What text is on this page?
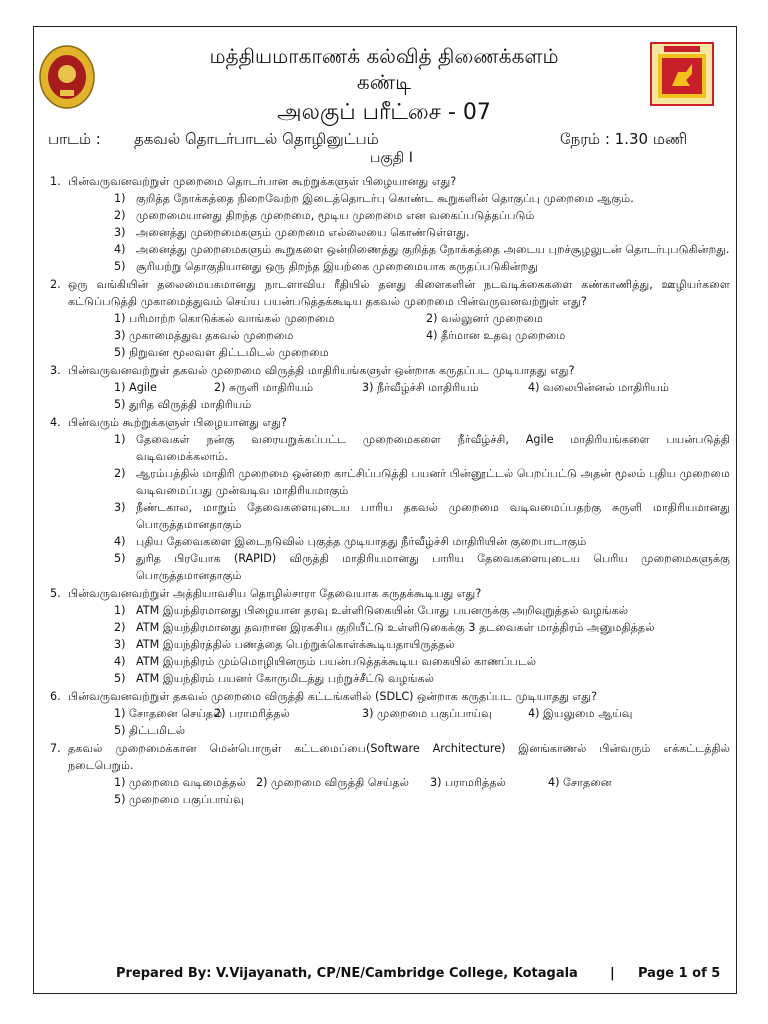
மத்தியமாகாணக் கல்வித் திணைக்களம்
கண்டி
அலகுப் பரீட்சை - 07
பாடம் : தகவல் தொடர்பாடல் தொழினுட்பம்	நேரம் : 1.30 மணி
பகுதி I
1. பின்வருவனவற்றுள் முறைமை தொடர்பான கூற்றுக்களுள் பிழையானது எது?
1) குறித்த நோக்கத்தை நிறைவேற்ற இடைத்தொடர்பு கொண்ட கூறுகளின் தொகுப்பு முறைமை ஆகும்.
2) முறைமையானது திறந்த முறைமை, மூடிய முறைமை என வகைப்படுத்தப்படும்
3) அனைத்து முறைமைகளும் முறைமை எல்லையை கொண்டுள்ளது.
4) அனைத்து முறைமைகளும் கூறுகளை ஒன்றிணைத்து குறித்த நோக்கத்தை அடைய புறச்சூழலுடன் தொடர்புபடுகின்றது.
5) சூரியற்று தொகுதியானது ஒரு திறந்த இயற்கை முறைமையாக கருதப்படுகின்றது
2. ஒரு வங்கியின் தலைமையகமானது நாடளாவிய ரீதியில் தனது கிளைகளின் நடவடிக்கைகளை கண்காணித்து, ஊழியர்களை கட்டுப்படுத்தி முகாமைத்துவம் செய்ய பயன்படுத்தக்கூடிய தகவல் முறைமை பின்வருவனவற்றுள் எது?
1) பரிமாற்ற கொடுக்கல் வாங்கல் முறைமை	2) வல்லுனர் முறைமை
3) முகாமைத்துவ தகவல் முறைமை	4) தீர்மான உதவு முறைமை
5) நிறுவன மூலவள திட்டமிடல் முறைமை
3. பின்வருவனவற்றுள் தகவல் முறைமை விருத்தி மாதிரியங்களுள் ஒன்றாக கருதப்பட முடியாதது எது?
1) Agile	2) சுருளி மாதிரியம்	3) நீர்வீழ்ச்சி மாதிரியம்	4) வலைபின்னல் மாதிரியம்
5) துரித விருத்தி மாதிரியம்
4. பின்வரும் கூற்றுக்களுள் பிழையானது எது?
1) தேவைகள் நன்கு வரையறுக்கப்பட்ட முறைமைகளை நீர்வீழ்ச்சி, Agile மாதிரியங்களை பயன்படுத்தி வடிவமைக்கலாம்.
2) ஆரம்பத்தில் மாதிரி முறைமை ஒன்றை காட்சிப்படுத்தி பயனர் பின்னூட்டல் பெறப்பட்டு அதன் மூலம் புதிய முறைமை வடிவமைப்பது முன்வடிவ மாதிரியமாகும்
3) நீண்டகால, மாறும் தேவைகளையுடைய பாரிய தகவல் முறைமை வடிவமைப்பதற்கு சுருளி மாதிரியமானது பொருத்தமானதாகும்
4) புதிய தேவைகளை இடைநடுவில் புகுத்த முடியாதது நீர்வீழ்ச்சி மாதிரியின் குறைபாடாகும்
5) துரித பிரயோக (RAPID) விருத்தி மாதிரியமானது பாரிய தேவைகளையுடைய பெரிய முறைமைகளுக்கு பொருத்தமானதாகும்
5. பின்வருவனவற்றுள் அத்தியாவசிய தொழில்சாரா தேவையாக கருதக்கூடியது எது?
1) ATM இயந்திரமானது பிழையான தரவு உள்ளிடுகையின் போது பயனருக்கு அறிவுறுத்தல் வழங்கல்
2) ATM இயந்திரமானது தவறான இரகசிய குறியீட்டு உள்ளிடுகைக்கு 3 தடவைகள் மாத்திரம் அனுமதித்தல்
3) ATM இயந்திரத்தில் பணத்தை பெற்றுக்கொள்க்கூடியதாயிருத்தல்
4) ATM இயந்திரம் மும்மொழியினரும் பயன்படுத்தக்கூடிய வகையில் காணப்படல்
5) ATM இயந்திரம் பயனர் கோருமிடத்து பற்றுச்சீட்டு வழங்கல்
6. பின்வருவனவற்றுள் தகவல் முறைமை விருத்தி கட்டங்களில் (SDLC) ஒன்றாக கருதப்பட முடியாதது எது?
1) சோதனை செய்தல்
2) பராமரித்தல்	3) முறைமை பகுப்பாய்வு	4) இயலுமை ஆய்வு
5) திட்டமிடல்
7. தகவல் முறைமைக்கான மென்பொருள் கட்டமைப்பை(Software Architecture) இனங்காணல் பின்வரும் எக்கட்டத்தில் நடைபெறும்.
1) முறைமை வடிமைத்தல் 2) முறைமை விருத்தி செய்தல் 3) பராமரித்தல்	4) சோதனை
5) முறைமை பகுப்பாய்வு
Prepared By: V.Vijayanath, CP/NE/Cambridge College, Kotagala | Page 1 of 5
